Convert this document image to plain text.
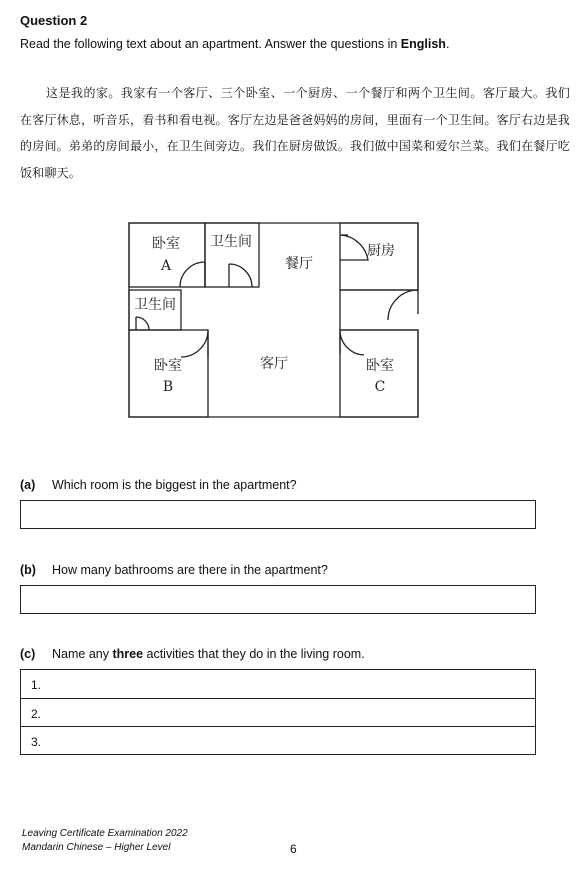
Question 2
Read the following text about an apartment. Answer the questions in English.
这是我的家。我家有一个客厅、三个卧室、一个厨房、一个餐厅和两个卫生间。客厅最大。我们在客厅休息，听音乐，看书和看电视。客厅左边是爸爸妈妈的房间，里面有一个卫生间。客厅右边是我的房间。弟弟的房间最小，在卫生间旁边。我们在厨房做饭。我们做中国菜和爱尔兰菜。我们在餐厅吃饭和聊天。
卧室
A
卫生间
餐厅
厨房
卫生间
卧室
B
客厅	卧室
C
(a) Which room is the biggest in the apartment?
(b) How many bathrooms are there in the apartment?
(c) Name any three activities that they do in the living room.
1.
2.
3.
Leaving Certificate Examination 2022
Mandarin Chinese – Higher Level	6
